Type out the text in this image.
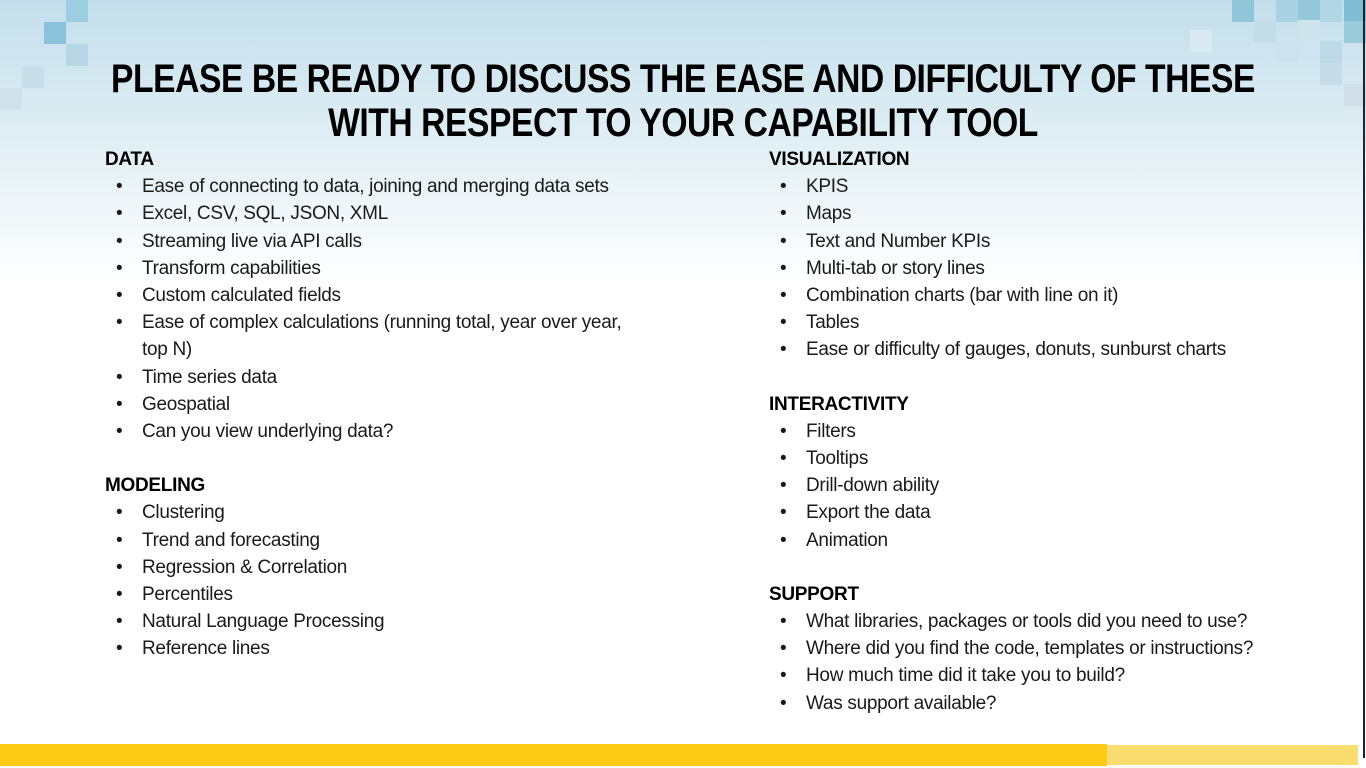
PLEASE BE READY TO DISCUSS THE EASE AND DIFFICULTY OF THESE
WITH RESPECT TO YOUR CAPABILITY TOOL
DATA
•	Ease of connecting to data, joining and merging data sets
•	Excel, CSV, SQL, JSON, XML
•	Streaming live via API calls
•	Transform capabilities
•	Custom calculated fields
•	Ease of complex calculations (running total, year over year, top N)
•	Time series data
•	Geospatial
•	Can you view underlying data?
MODELING
•	Clustering
•	Trend and forecasting
•	Regression & Correlation
•	Percentiles
•	Natural Language Processing
•	Reference lines
VISUALIZATION
•	KPIS
•	Maps
•	Text and Number KPIs
•	Multi-tab or story lines
•	Combination charts (bar with line on it)
•	Tables
•	Ease or difficulty of gauges, donuts, sunburst charts
INTERACTIVITY
•	Filters
•	Tooltips
•	Drill-down ability
•	Export the data
•	Animation
SUPPORT
•	What libraries, packages or tools did you need to use?
•	Where did you find the code, templates or instructions?
•	How much time did it take you to build?
•	Was support available?
